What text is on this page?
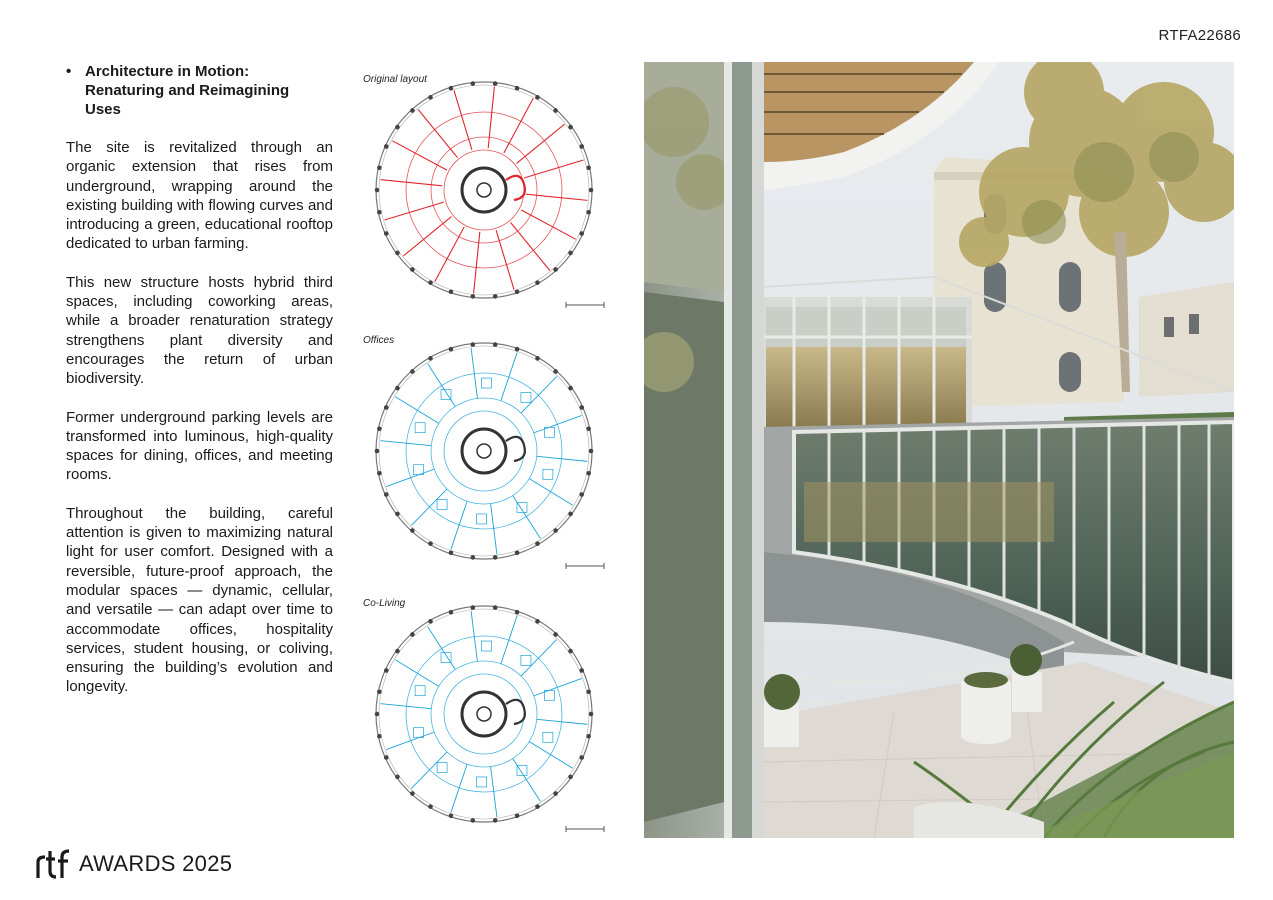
RTFA22686
• Architecture in Motion:
Renaturing and Reimagining
Uses

The site is revitalized through an organic extension that rises from underground, wrapping around the existing building with flowing curves and introducing a green, educational rooftop dedicated to urban farming.

This new structure hosts hybrid third spaces, including coworking areas, while a broader renaturation strategy strengthens plant diversity and encourages the return of urban biodiversity.

Former underground parking levels are transformed into luminous, high-quality spaces for dining, offices, and meeting rooms.

Throughout the building, careful attention is given to maximizing natural light for user comfort. Designed with a reversible, future-proof approach, the modular spaces — dynamic, cellular, and versatile — can adapt over time to accommodate offices, hospitality services, student housing, or coliving, ensuring the building’s evolution and longevity.

Original layout
Offices
Co-Living
AWARDS 2025
